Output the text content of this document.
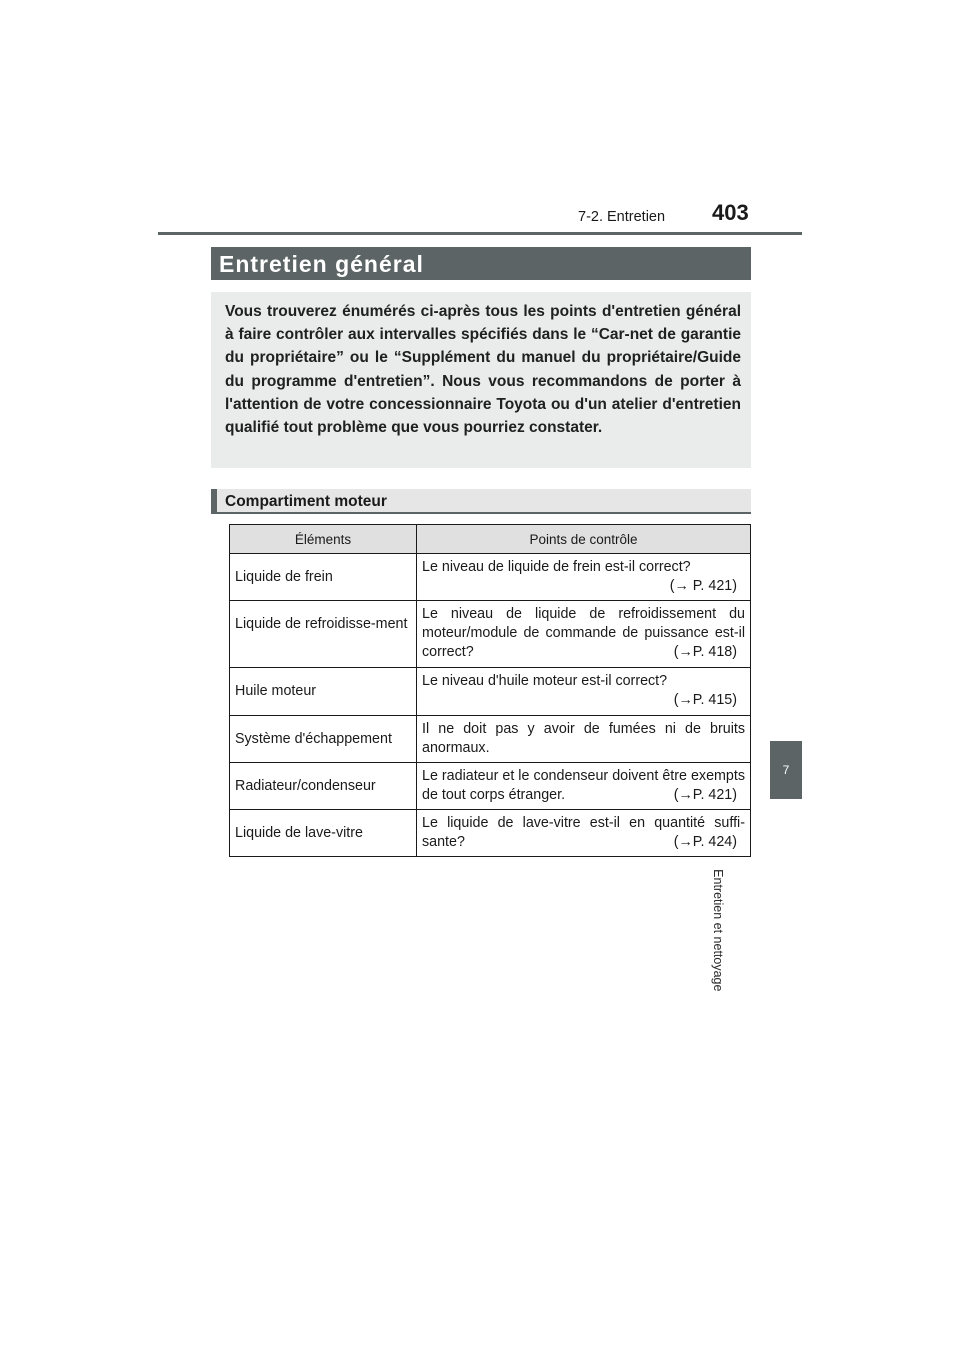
403
7-2. Entretien
7
Entretien et nettoyage
Entretien général

Vous trouverez énumérés ci-après tous les points d'entretien général à faire contrôler aux intervalles spécifiés dans le “Car-net de garantie du propriétaire” ou le “Supplément du manuel du propriétaire/Guide du programme d'entretien”. Nous vous recommandons de porter à l'attention de votre concessionnaire Toyota ou d'un atelier d'entretien qualifié tout problème que vous pourriez constater.

Compartiment moteur
Éléments	Points de contrôle
Liquide de frein	Le niveau de liquide de frein est-il correct?
(→ P. 421)

Liquide de refroidisse-ment	Le niveau de liquide de refroidissement du moteur/module de commande de puissance est-il correct? (→P. 418)

Huile moteur	Le niveau d'huile moteur est-il correct?
(→P. 415)

Système d'échappement	Il ne doit pas y avoir de fumées ni de bruits anormaux.
Radiateur/condenseur	Le radiateur et le condenseur doivent être exempts de tout corps étranger. (→P. 421)

Liquide de lave-vitre	Le liquide de lave-vitre est-il en quantité suffi-sante? (→P. 424)
